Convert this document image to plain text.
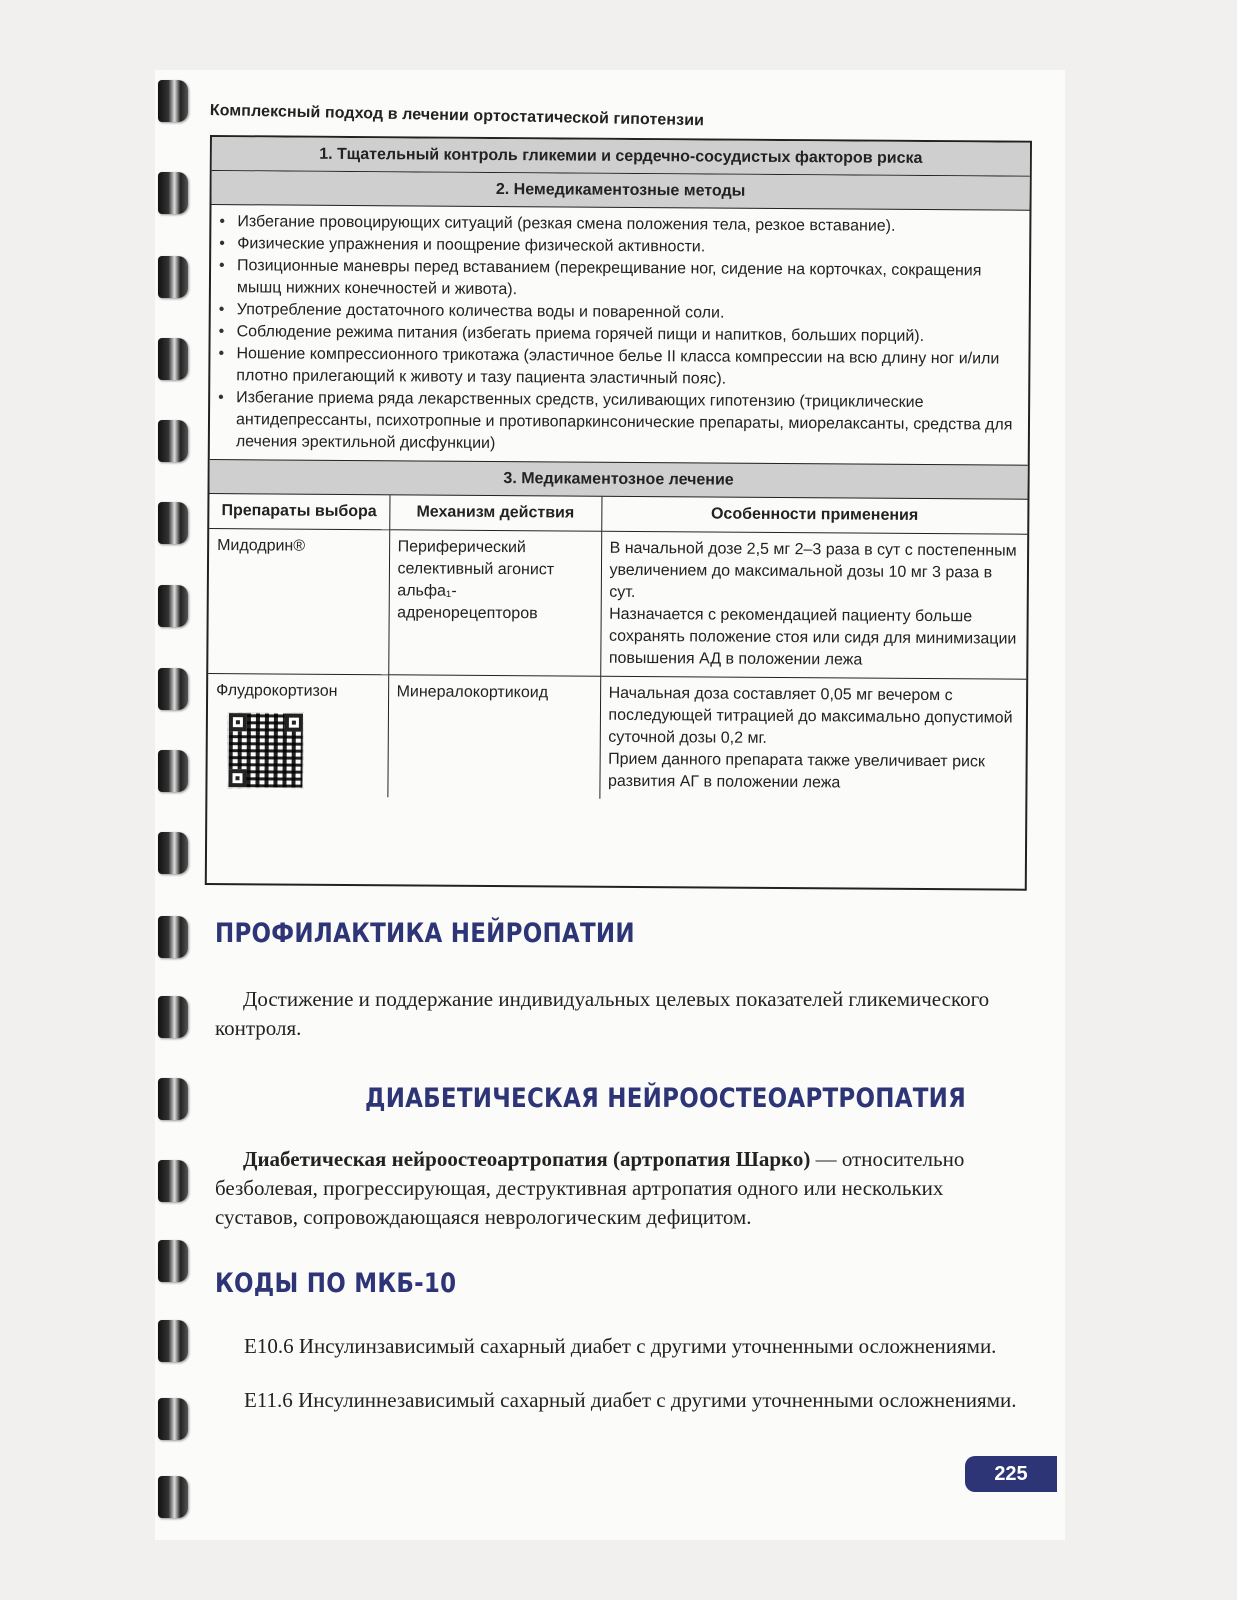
Комплексный подход в лечении ортостатической гипотензии
1. Тщательный контроль гликемии и сердечно-сосудистых факторов риска
2. Немедикаментозные методы
• Избегание провоцирующих ситуаций (резкая смена положения тела, резкое вставание).
• Физические упражнения и поощрение физической активности.
• Позиционные маневры перед вставанием (перекрещивание ног, сидение на корточках, сокращения мышц нижних конечностей и живота).
• Употребление достаточного количества воды и поваренной соли.
• Соблюдение режима питания (избегать приема горячей пищи и напитков, больших порций).
• Ношение компрессионного трикотажа (эластичное белье II класса компрессии на всю длину ног и/или плотно прилегающий к животу и тазу пациента эластичный пояс).
• Избегание приема ряда лекарственных средств, усиливающих гипотензию (трициклические антидепрессанты, психотропные и противопаркинсонические препараты, миорелаксанты, средства для лечения эректильной дисфункции)
3. Медикаментозное лечение
Препараты выбора	Механизм действия	Особенности применения
Мидодрин®	Периферический селективный агонист альфа₁-адренорецепторов	В начальной дозе 2,5 мг 2–3 раза в сут с постепенным увеличением до максимальной дозы 10 мг 3 раза в сут.
Назначается с рекомендацией пациенту больше сохранять положение стоя или сидя для минимизации повышения АД в положении лежа

Флудрокортизон	Минералокортикоид	Начальная доза составляет 0,05 мг вечером с последующей титрацией до максимально допустимой суточной дозы 0,2 мг.
Прием данного препарата также увеличивает риск развития АГ в положении лежа
ПРОФИЛАКТИКА НЕЙРОПАТИИ
Достижение и поддержание индивидуальных целевых показателей гликемического контроля.
ДИАБЕТИЧЕСКАЯ НЕЙРООСТЕОАРТРОПАТИЯ
Диабетическая нейроостеоартропатия (артропатия Шарко) — относительно безболевая, прогрессирующая, деструктивная артропатия одного или нескольких суставов, сопровождающаяся неврологическим дефицитом.
КОДЫ ПО МКБ-10
E10.6 Инсулинзависимый сахарный диабет с другими уточненными осложнениями.
E11.6 Инсулиннезависимый сахарный диабет с другими уточненными осложнениями.
225
